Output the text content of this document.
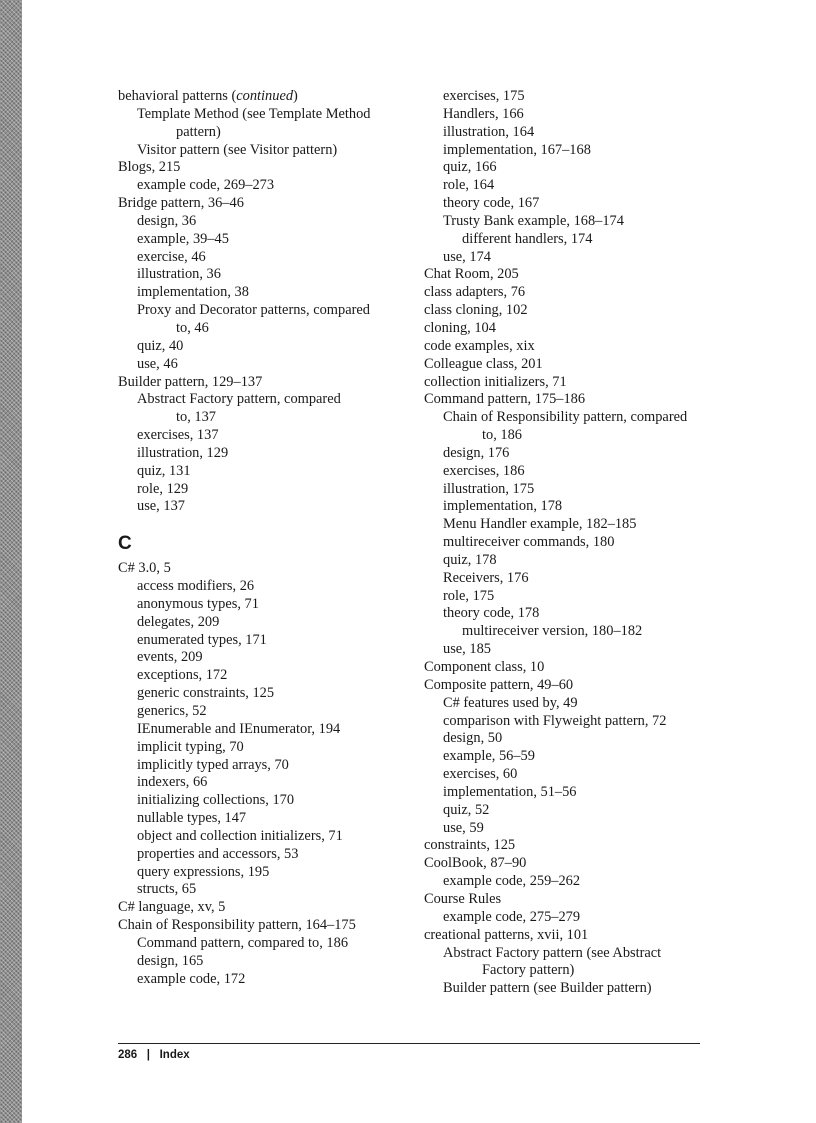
behavioral patterns (continued)
Template Method (see Template Method
pattern)
Visitor pattern (see Visitor pattern)
Blogs, 215
example code, 269–273
Bridge pattern, 36–46
design, 36
example, 39–45
exercise, 46
illustration, 36
implementation, 38
Proxy and Decorator patterns, compared
to, 46
quiz, 40
use, 46
Builder pattern, 129–137
Abstract Factory pattern, compared
to, 137
exercises, 137
illustration, 129
quiz, 131
role, 129
use, 137
C
C# 3.0, 5
access modifiers, 26
anonymous types, 71
delegates, 209
enumerated types, 171
events, 209
exceptions, 172
generic constraints, 125
generics, 52
IEnumerable and IEnumerator, 194
implicit typing, 70
implicitly typed arrays, 70
indexers, 66
initializing collections, 170
nullable types, 147
object and collection initializers, 71
properties and accessors, 53
query expressions, 195
structs, 65
C# language, xv, 5
Chain of Responsibility pattern, 164–175
Command pattern, compared to, 186
design, 165
example code, 172
exercises, 175
Handlers, 166
illustration, 164
implementation, 167–168
quiz, 166
role, 164
theory code, 167
Trusty Bank example, 168–174
different handlers, 174
use, 174
Chat Room, 205
class adapters, 76
class cloning, 102
cloning, 104
code examples, xix
Colleague class, 201
collection initializers, 71
Command pattern, 175–186
Chain of Responsibility pattern, compared
to, 186
design, 176
exercises, 186
illustration, 175
implementation, 178
Menu Handler example, 182–185
multireceiver commands, 180
quiz, 178
Receivers, 176
role, 175
theory code, 178
multireceiver version, 180–182
use, 185
Component class, 10
Composite pattern, 49–60
C# features used by, 49
comparison with Flyweight pattern, 72
design, 50
example, 56–59
exercises, 60
implementation, 51–56
quiz, 52
use, 59
constraints, 125
CoolBook, 87–90
example code, 259–262
Course Rules
example code, 275–279
creational patterns, xvii, 101
Abstract Factory pattern (see Abstract
Factory pattern)
Builder pattern (see Builder pattern)
286 | Index
